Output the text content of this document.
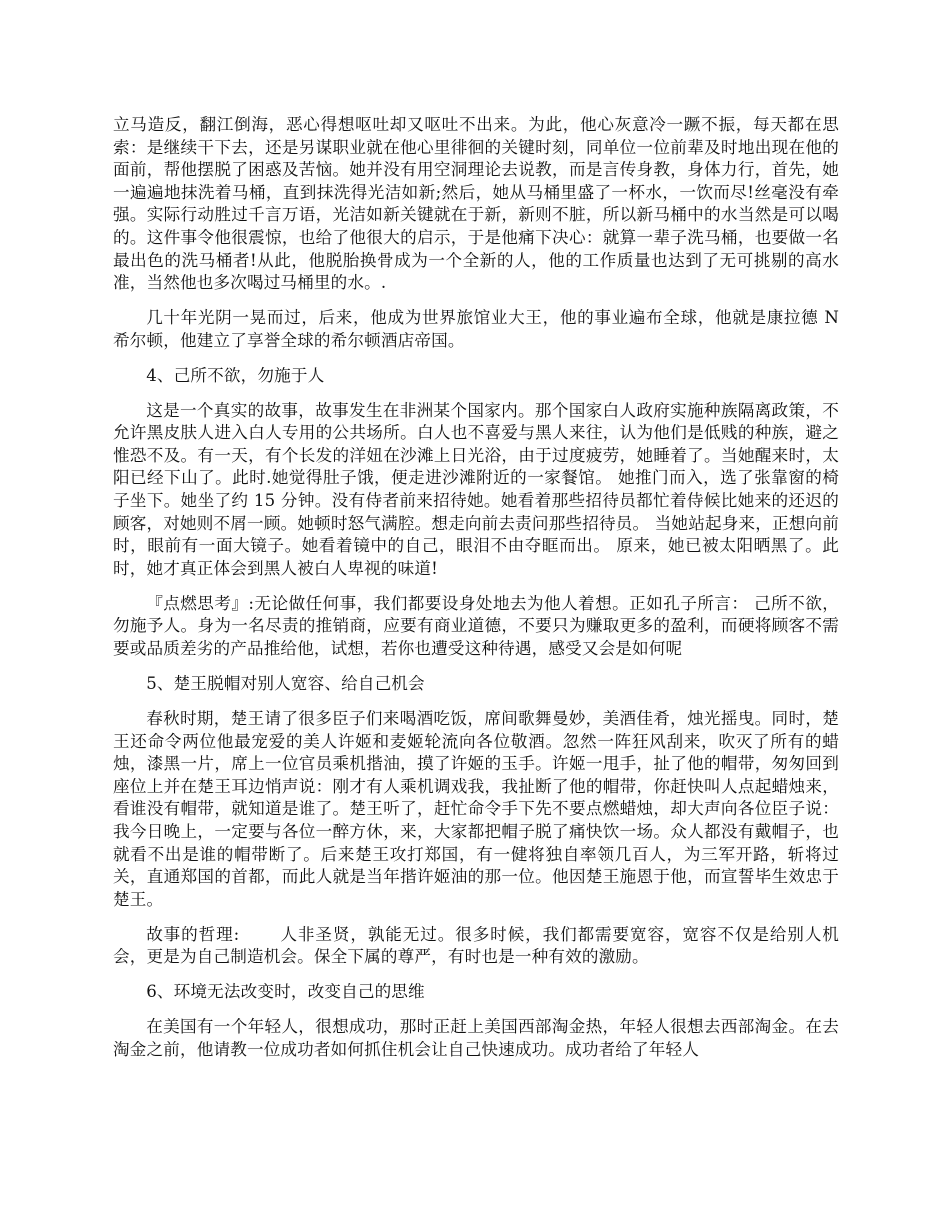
立马造反，翻江倒海，恶心得想呕吐却又呕吐不出来。为此，他心灰意冷一蹶不振，每天都在思索：是继续干下去，还是另谋职业就在他心里徘徊的关键时刻，同单位一位前辈及时地出现在他的面前，帮他摆脱了困惑及苦恼。她并没有用空洞理论去说教，而是言传身教，身体力行，首先，她一遍遍地抹洗着马桶，直到抹洗得光洁如新;然后，她从马桶里盛了一杯水，一饮而尽!丝毫没有牵强。实际行动胜过千言万语，光洁如新关键就在于新，新则不脏，所以新马桶中的水当然是可以喝的。这件事令他很震惊，也给了他很大的启示，于是他痛下决心：就算一辈子洗马桶，也要做一名最出色的洗马桶者!从此，他脱胎换骨成为一个全新的人，他的工作质量也达到了无可挑剔的高水准，当然他也多次喝过马桶里的水。.

几十年光阴一晃而过，后来，他成为世界旅馆业大王，他的事业遍布全球，他就是康拉德 N 希尔顿，他建立了享誉全球的希尔顿酒店帝国。

4、己所不欲，勿施于人

这是一个真实的故事，故事发生在非洲某个国家内。那个国家白人政府实施种族隔离政策，不允许黑皮肤人进入白人专用的公共场所。白人也不喜爱与黑人来往，认为他们是低贱的种族，避之惟恐不及。有一天，有个长发的洋妞在沙滩上日光浴，由于过度疲劳，她睡着了。当她醒来时，太阳已经下山了。此时.她觉得肚子饿，便走进沙滩附近的一家餐馆。 她推门而入，选了张靠窗的椅子坐下。她坐了约 15 分钟。没有侍者前来招待她。她看着那些招待员都忙着侍候比她来的还迟的顾客，对她则不屑一顾。她顿时怒气满腔。想走向前去责问那些招待员。 当她站起身来，正想向前时，眼前有一面大镜子。她看着镜中的自己，眼泪不由夺眶而出。 原来，她已被太阳晒黑了。此时，她才真正体会到黑人被白人卑视的味道!

『点燃思考』:无论做任何事，我们都要设身处地去为他人着想。正如孔子所言： 己所不欲，勿施予人。身为一名尽责的推销商，应要有商业道德，不要只为赚取更多的盈利，而硬将顾客不需要或品质差劣的产品推给他，试想，若你也遭受这种待遇，感受又会是如何呢

5、楚王脱帽对别人宽容、给自己机会

春秋时期，楚王请了很多臣子们来喝酒吃饭，席间歌舞曼妙，美酒佳肴，烛光摇曳。同时，楚王还命令两位他最宠爱的美人许姬和麦姬轮流向各位敬酒。忽然一阵狂风刮来，吹灭了所有的蜡烛，漆黑一片，席上一位官员乘机揩油，摸了许姬的玉手。许姬一甩手，扯了他的帽带，匆匆回到座位上并在楚王耳边悄声说：刚才有人乘机调戏我，我扯断了他的帽带，你赶快叫人点起蜡烛来，看谁没有帽带，就知道是谁了。楚王听了，赶忙命令手下先不要点燃蜡烛，却大声向各位臣子说：我今日晚上，一定要与各位一醉方休，来，大家都把帽子脱了痛快饮一场。众人都没有戴帽子，也就看不出是谁的帽带断了。后来楚王攻打郑国，有一健将独自率领几百人，为三军开路，斩将过关，直通郑国的首都，而此人就是当年揩许姬油的那一位。他因楚王施恩于他，而宣誓毕生效忠于楚王。

故事的哲理: 　　人非圣贤，孰能无过。很多时候，我们都需要宽容，宽容不仅是给别人机会，更是为自己制造机会。保全下属的尊严，有时也是一种有效的激励。

6、环境无法改变时，改变自己的思维

在美国有一个年轻人，很想成功，那时正赶上美国西部淘金热，年轻人很想去西部淘金。在去淘金之前，他请教一位成功者如何抓住机会让自己快速成功。成功者给了年轻人
